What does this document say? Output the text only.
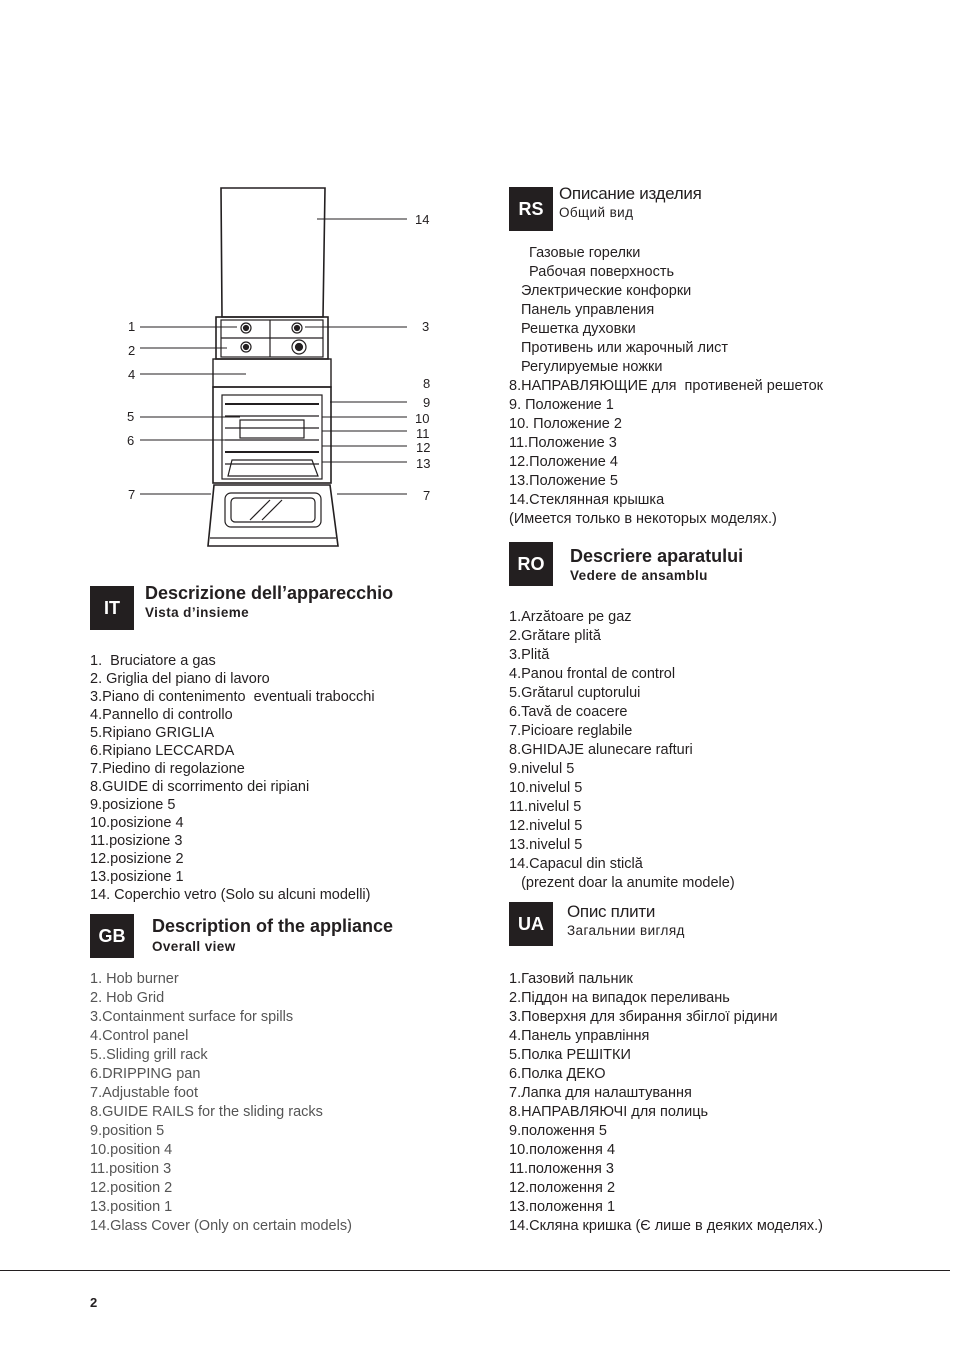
1
2
4
5
6
7
14
3
8
9
10
11
12
13
7
IT
Descrizione dell’apparecchio
Vista d’insieme
1.  Bruciatore a gas
2. Griglia del piano di lavoro
3.Piano di contenimento  eventuali trabocchi
4.Pannello di controllo
5.Ripiano GRIGLIA
6.Ripiano LECCARDA
7.Piedino di regolazione
8.GUIDE di scorrimento dei ripiani
9.posizione 5
10.posizione 4
11.posizione 3
12.posizione 2
13.posizione 1
14. Coperchio vetro (Solo su alcuni modelli)
GB	Description of the appliance
Overall view
1. Hob burner
2. Hob Grid
3.Containment surface for spills
4.Control panel
5..Sliding grill rack
6.DRIPPING pan
7.Adjustable foot
8.GUIDE RAILS for the sliding racks
9.position 5
10.position 4
11.position 3
12.position 2
13.position 1
14.Glass Cover (Only on certain models)
RS
Описание изделия
Общий вид
Газовые горелки
Рабочая поверхность
Электрические конфорки
Панель управления
Решетка духовки
Противень или жарочный лист
Регулируемые ножки
8.НАПРАВЛЯЮЩИЕ для  противеней решеток
9. Положение 1
10. Положение 2
11.Положение 3
12.Положение 4
13.Положение 5
14.Стеклянная крышка
(Имеется только в некоторых моделях.)
RO	Descriere aparatului
Vedere de ansamblu
1.Arzătoare pe gaz
2.Grătare plită
3.Plită
4.Panou frontal de control
5.Grătarul cuptorului
6.Tavă de coacere
7.Picioare reglabile
8.GHIDAJE alunecare rafturi
9.nivelul 5
10.nivelul 5
11.nivelul 5
12.nivelul 5
13.nivelul 5
14.Capacul din sticlă
(prezent doar la anumite modele)
UA
Опис плити
Загальнии вигляд
1.Газовий пальник
2.Піддон на випадок переливань
3.Поверхня для збирання збіглої рідини
4.Панель управління
5.Полка РЕШІТКИ
6.Полка ДЕКО
7.Лапка для налаштування
8.НАПРАВЛЯЮЧІ для полиць
9.положення 5
10.положення 4
11.положення 3
12.положення 2
13.положення 1
14.Скляна кришка (Є лише в деяких моделях.)
2
